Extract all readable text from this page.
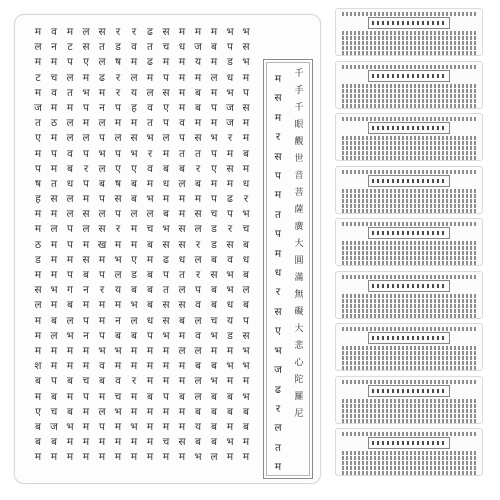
म
ल
म
ट
म
ज
त
ए
म
प
ष
ह
म
म
ठ
ड
म
स
ल
म
म
म
श
ब
म
ए
ब
ब
म
व
न
म
च
व
म
ठ
म
प
म
त
स
म
ल
म
म
म
भ
म
ब
ल
म
म
प
ब
च
ज
ब
म
म
ट
प
ल
त
म
ल
ल
व
ब
ध
ल
ल
प
प
म
प
ग
ब
ल
भ
म
म
ब
म
ब
भ
म
म
ल
स
ए
म
भ
प
म
ल
प
र
प
म
स
ल
म
स
ब
न
म
प
न
म
म
च
प
म
म
म
म
स
त
ल
ढ
म
न
ल
प
भ
ल
ब
प
ल
स
ख
म
प
र
म
म
प
भ
व
ब
म
ल
प
म
म
र
ड
ष
र
र
प
म
ल
प
ए
ष
स
प
र
म
भ
ल
य
म
न
ब
भ
म
व
च
भ
म
म
म
र
व
म
ल
य
ह
म
स
भ
ए
ब
ब
ल
म
म
ए
ड
ब
भ
ल
ब
म
म
र
म
म
भ
म
म
ढ
त
ढ
म
ल
व
त
भ
र
व
म
भ
ल
च
ब
म
ब
ब
ब
ध
प
म
म
म
ब
म
म
म
म
स
च
म
प
स
ए
प
ल
म
ब
ध
म
ब
भ
स
ढ
प
त
स
स
भ
म
म
म
प
म
म
च
म
म
ध
म
म
म
म
व
प
त
ब
ल
म
म
स
स
ध
त
ल
स
ब
म
ल
म
म
ब
म
म
स
म
म
ज
य
म
ब
ब
म
स
त
र
ब
म
स
ल
र
ल
र
प
व
ल
व
ल
ब
ल
ल
ब
य
ब
भ
म
ब
म
ल
म
प
म
भ
प
ए
म
प
च
ड
ड
ब
स
ब
ब
च
भ
म
ब
भ
ब
ब
ब
ब
ल
भ
प
ड
ध
भ
ज
ज
र
म
स
म
ढ
प
र
स
व
भ
भ
ध
य
ड
म
भ
म
ब
ब
म
भ
म
भ
स
भ
म
प
स
म
म
ब
म
ध
र
भ
च
ब
ध
ब
ल
ब
प
स
भ
भ
म
भ
ब
ब
म
म
म
स
म
र
स
प
म
त
प
म
ध
र
स
ए
भ
ज
ढ
र
ल
त
म
千
手
千
眼
觀
世
音
菩
薩
廣
大
圓
滿
無
礙
大
悲
心
陀
羅
尼
